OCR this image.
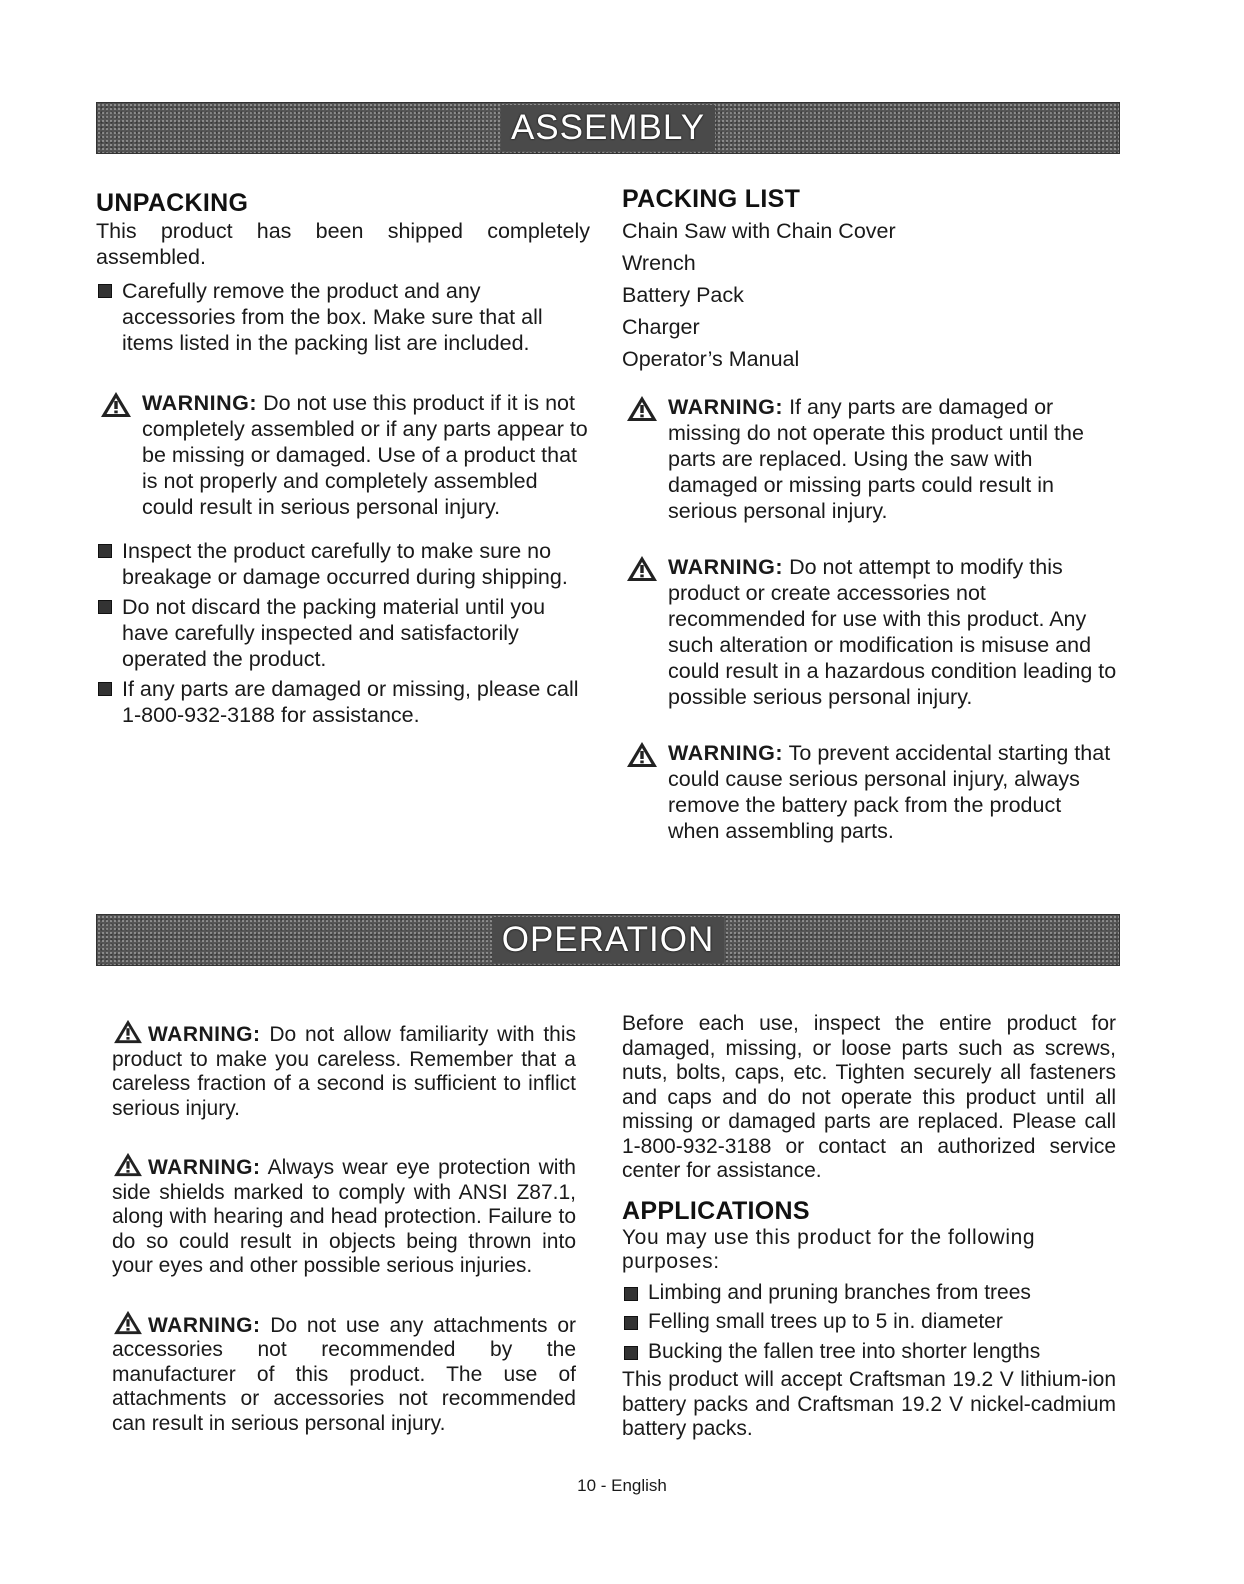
ASSEMBLY
UNPACKING

This product has been shipped completely assembled.

Carefully remove the product and any accessories from the box. Make sure that all items listed in the packing list are included.
WARNING: Do not use this product if it is not completely assembled or if any parts appear to be missing or damaged. Use of a product that is not properly and completely assembled could result in serious personal injury.
Inspect the product carefully to make sure no breakage or damage occurred during shipping.
Do not discard the packing material until you have carefully inspected and satisfactorily operated the product.
If any parts are damaged or missing, please call 1-800-932-3188 for assistance.
PACKING LIST

Chain Saw with Chain Cover

Wrench

Battery Pack

Charger

Operator’s Manual

WARNING: If any parts are damaged or missing do not operate this product until the parts are replaced. Using the saw with damaged or missing parts could result in serious personal injury.
WARNING: Do not attempt to modify this product or create accessories not recommended for use with this product. Any such alteration or modification is misuse and could result in a hazardous condition leading to possible serious personal injury.
WARNING: To prevent accidental starting that could cause serious personal injury, always remove the battery pack from the product when assembling parts.
OPERATION

WARNING: Do not allow familiarity with this product to make you careless. Remember that a careless fraction of a second is sufficient to inflict serious injury.

WARNING: Always wear eye protection with side shields marked to comply with ANSI Z87.1, along with hearing and head protection. Failure to do so could result in objects being thrown into your eyes and other possible serious injuries.

WARNING: Do not use any attachments or accessories not recommended by the manufacturer of this product. The use of attachments or accessories not recommended can result in serious personal injury.

Before each use, inspect the entire product for damaged, missing, or loose parts such as screws, nuts, bolts, caps, etc. Tighten securely all fasteners and caps and do not operate this product until all missing or damaged parts are replaced. Please call 1-800-932-3188 or contact an authorized service center for assistance.

APPLICATIONS

You may use this product for the following purposes:

Limbing and pruning branches from trees
Felling small trees up to 5 in. diameter
Bucking the fallen tree into shorter lengths

This product will accept Craftsman 19.2 V lithium-ion battery packs and Craftsman 19.2 V nickel-cadmium battery packs.

10 - English
